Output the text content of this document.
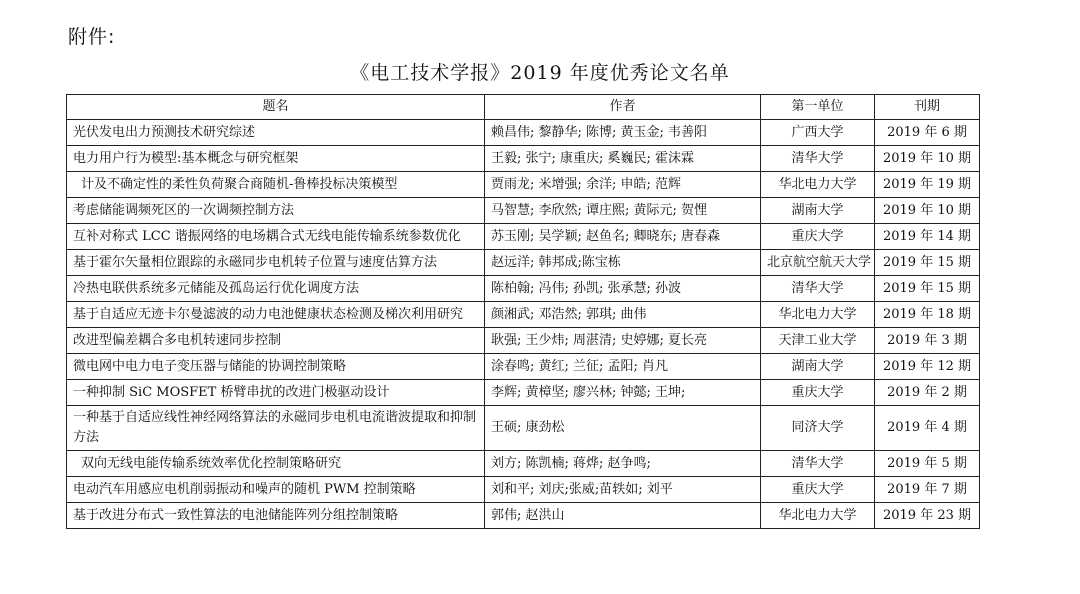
附件:
《电工技术学报》2019 年度优秀论文名单
题名	作者	第一单位	刊期
光伏发电出力预测技术研究综述	赖昌伟; 黎静华; 陈博; 黄玉金; 韦善阳	广西大学	2019 年 6 期
电力用户行为模型:基本概念与研究框架	王毅; 张宁; 康重庆; 奚巍民; 霍沫霖	清华大学	2019 年 10 期
计及不确定性的柔性负荷聚合商随机-鲁棒投标决策模型	贾雨龙; 米增强; 余洋; 申皓; 范辉	华北电力大学	2019 年 19 期
考虑储能调频死区的一次调频控制方法	马智慧; 李欣然; 谭庄熙; 黄际元; 贺悝	湖南大学	2019 年 10 期
互补对称式 LCC 谐振网络的电场耦合式无线电能传输系统参数优化	苏玉刚; 吴学颖; 赵鱼名; 卿晓东; 唐春森	重庆大学	2019 年 14 期
基于霍尔矢量相位跟踪的永磁同步电机转子位置与速度估算方法	赵远洋; 韩邦成;陈宝栋	北京航空航天大学	2019 年 15 期
冷热电联供系统多元储能及孤岛运行优化调度方法	陈柏翰; 冯伟; 孙凯; 张承慧; 孙波	清华大学	2019 年 15 期
基于自适应无迹卡尔曼滤波的动力电池健康状态检测及梯次利用研究	颜湘武; 邓浩然; 郭琪; 曲伟	华北电力大学	2019 年 18 期
改进型偏差耦合多电机转速同步控制	耿强; 王少炜; 周湛清; 史婷娜; 夏长亮	天津工业大学	2019 年 3 期
微电网中电力电子变压器与储能的协调控制策略	涂春鸣; 黄红; 兰征; 孟阳; 肖凡	湖南大学	2019 年 12 期
一种抑制 SiC MOSFET 桥臂串扰的改进门极驱动设计	李辉; 黄樟坚; 廖兴林; 钟懿; 王坤;	重庆大学	2019 年 2 期
一种基于自适应线性神经网络算法的永磁同步电机电流谐波提取和抑制方法	王硕; 康劲松	同济大学	2019 年 4 期
双向无线电能传输系统效率优化控制策略研究	刘方; 陈凯楠; 蒋烨; 赵争鸣;	清华大学	2019 年 5 期
电动汽车用感应电机削弱振动和噪声的随机 PWM 控制策略	刘和平; 刘庆;张威;苗轶如; 刘平	重庆大学	2019 年 7 期
基于改进分布式一致性算法的电池储能阵列分组控制策略	郭伟; 赵洪山	华北电力大学	2019 年 23 期
